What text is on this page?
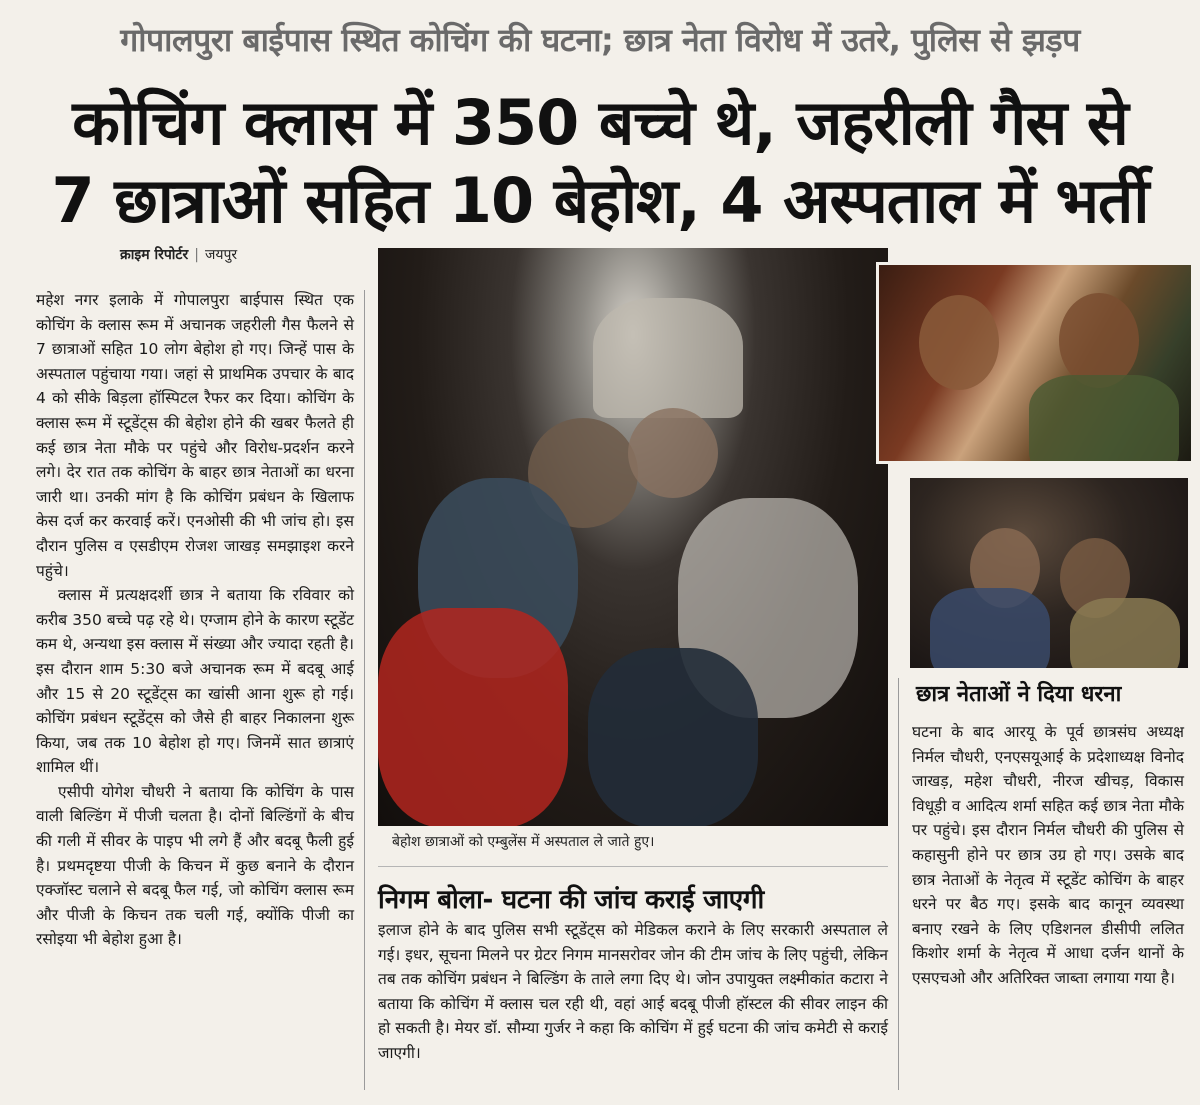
गोपालपुरा बाईपास स्थित कोचिंग की घटना; छात्र नेता विरोध में उतरे, पुलिस से झड़प
कोचिंग क्लास में 350 बच्चे थे, जहरीली गैस से
7 छात्राओं सहित 10 बेहोश, 4 अस्पताल में भर्ती
क्राइम रिपोर्टर | जयपुर

महेश नगर इलाके में गोपालपुरा बाईपास स्थित एक कोचिंग के क्लास रूम में अचानक जहरीली गैस फैलने से 7 छात्राओं सहित 10 लोग बेहोश हो गए। जिन्हें पास के अस्पताल पहुंचाया गया। जहां से प्राथमिक उपचार के बाद 4 को सीके बिड़ला हॉस्पिटल रैफर कर दिया। कोचिंग के क्लास रूम में स्टूडेंट्स की बेहोश होने की खबर फैलते ही कई छात्र नेता मौके पर पहुंचे और विरोध-प्रदर्शन करने लगे। देर रात तक कोचिंग के बाहर छात्र नेताओं का धरना जारी था। उनकी मांग है कि कोचिंग प्रबंधन के खिलाफ केस दर्ज कर करवाई करें। एनओसी की भी जांच हो। इस दौरान पुलिस व एसडीएम रोजश जाखड़ समझाइश करने पहुंचे।

क्लास में प्रत्यक्षदर्शी छात्र ने बताया कि रविवार को करीब 350 बच्चे पढ़ रहे थे। एग्जाम होने के कारण स्टूडेंट कम थे, अन्यथा इस क्लास में संख्या और ज्यादा रहती है। इस दौरान शाम 5:30 बजे अचानक रूम में बदबू आई और 15 से 20 स्टूडेंट्स का खांसी आना शुरू हो गई। कोचिंग प्रबंधन स्टूडेंट्स को जैसे ही बाहर निकालना शुरू किया, जब तक 10 बेहोश हो गए। जिनमें सात छात्राएं शामिल थीं।

एसीपी योगेश चौधरी ने बताया कि कोचिंग के पास वाली बिल्डिंग में पीजी चलता है। दोनों बिल्डिंगों के बीच की गली में सीवर के पाइप भी लगे हैं और बदबू फैली हुई है। प्रथमदृष्टया पीजी के किचन में कुछ बनाने के दौरान एक्जॉस्ट चलाने से बदबू फैल गई, जो कोचिंग क्लास रूम और पीजी के किचन तक चली गई, क्योंकि पीजी का रसोइया भी बेहोश हुआ है।

बेहोश छात्राओं को एम्बुलेंस में अस्पताल ले जाते हुए।
निगम बोला- घटना की जांच कराई जाएगी

इलाज होने के बाद पुलिस सभी स्टूडेंट्स को मेडिकल कराने के लिए सरकारी अस्पताल ले गई। इधर, सूचना मिलने पर ग्रेटर निगम मानसरोवर जोन की टीम जांच के लिए पहुंची, लेकिन तब तक कोचिंग प्रबंधन ने बिल्डिंग के ताले लगा दिए थे। जोन उपायुक्त लक्ष्मीकांत कटारा ने बताया कि कोचिंग में क्लास चल रही थी, वहां आई बदबू पीजी हॉस्टल की सीवर लाइन की हो सकती है। मेयर डॉ. सौम्या गुर्जर ने कहा कि कोचिंग में हुई घटना की जांच कमेटी से कराई जाएगी।

छात्र नेताओं ने दिया धरना

घटना के बाद आरयू के पूर्व छात्रसंघ अध्यक्ष निर्मल चौधरी, एनएसयूआई के प्रदेशाध्यक्ष विनोद जाखड़, महेश चौधरी, नीरज खीचड़, विकास विधूड़ी व आदित्य शर्मा सहित कई छात्र नेता मौके पर पहुंचे। इस दौरान निर्मल चौधरी की पुलिस से कहासुनी होने पर छात्र उग्र हो गए। उसके बाद छात्र नेताओं के नेतृत्व में स्टूडेंट कोचिंग के बाहर धरने पर बैठ गए। इसके बाद कानून व्यवस्था बनाए रखने के लिए एडिशनल डीसीपी ललित किशोर शर्मा के नेतृत्व में आधा दर्जन थानों के एसएचओ और अतिरिक्त जाब्ता लगाया गया है।
